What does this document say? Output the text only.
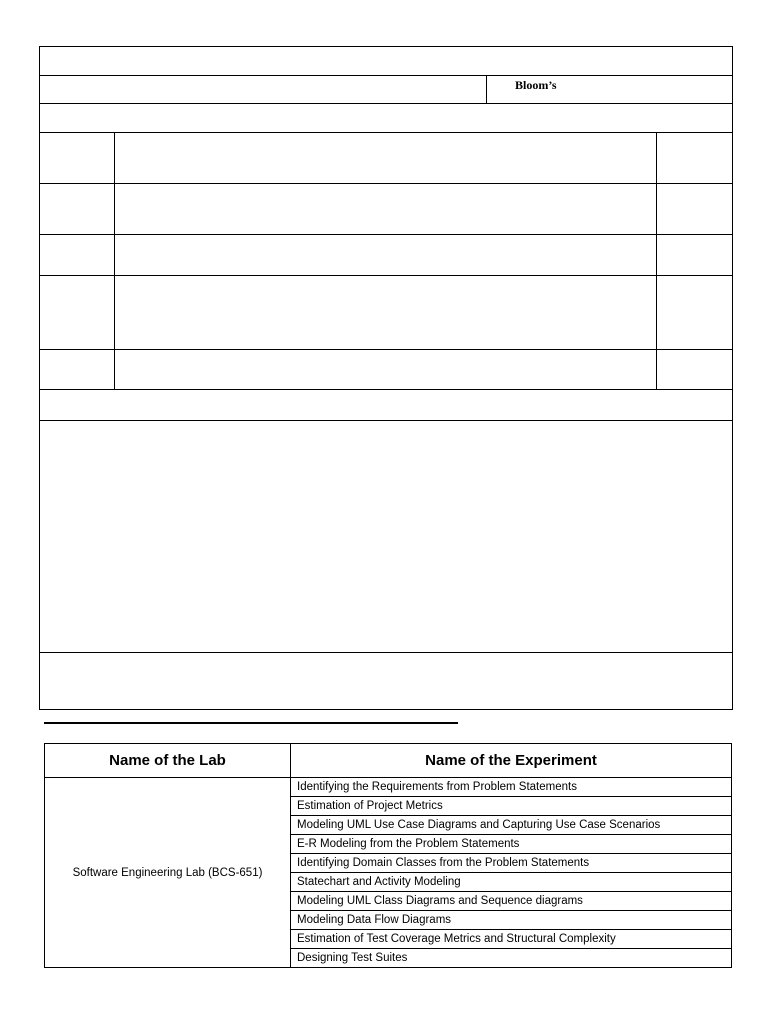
		Bloom’s	

Name of the Lab	Name of the Experiment
Software Engineering Lab (BCS-651)	Identifying the Requirements from Problem Statements
	Estimation of Project Metrics
	Modeling UML Use Case Diagrams and Capturing Use Case Scenarios
	E-R Modeling from the Problem Statements
	Identifying Domain Classes from the Problem Statements
	Statechart and Activity Modeling
	Modeling UML Class Diagrams and Sequence diagrams
	Modeling Data Flow Diagrams
	Estimation of Test Coverage Metrics and Structural Complexity
	Designing Test Suites
